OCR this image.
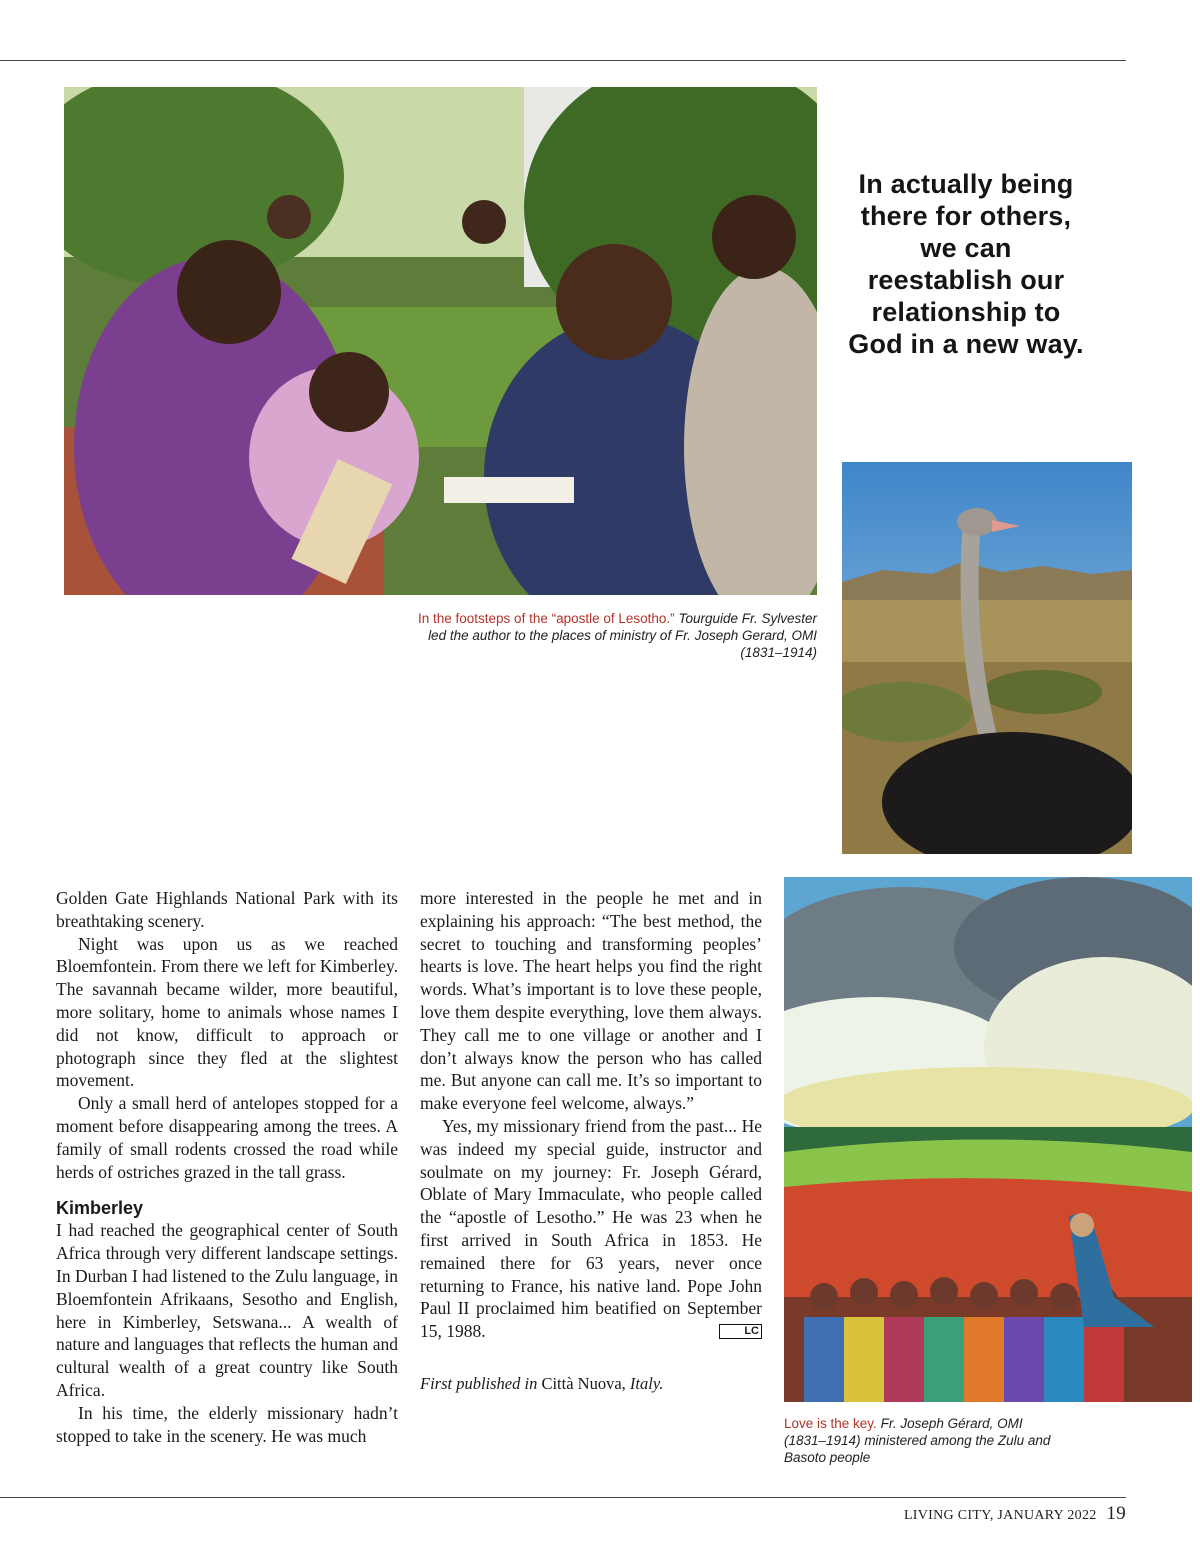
In the footsteps of the “apostle of Lesotho.” Tourguide Fr. Sylvester led the author to the places of ministry of Fr. Joseph Gerard, OMI (1831–1914)
In actually being there for others, we can reestablish our relationship to God in a new way.
Love is the key. Fr. Joseph Gérard, OMI (1831–1914) ministered among the Zulu and Basoto people

Golden Gate Highlands National Park with its breathtaking scenery.

Night was upon us as we reached Bloemfontein. From there we left for Kimberley. The savannah became wilder, more beautiful, more solitary, home to animals whose names I did not know, difficult to approach or photograph since they fled at the slightest movement.

Only a small herd of antelopes stopped for a moment before disappearing among the trees. A family of small rodents crossed the road while herds of ostriches grazed in the tall grass.

Kimberley

I had reached the geographical center of South Africa through very different landscape settings. In Durban I had listened to the Zulu language, in Bloemfontein Afrikaans, Sesotho and English, here in Kimberley, Setswana... A wealth of nature and languages that reflects the human and cultural wealth of a great country like South Africa.

In his time, the elderly missionary hadn’t stopped to take in the scenery. He was much

more interested in the people he met and in explaining his approach: “The best method, the secret to touching and transforming peoples’ hearts is love. The heart helps you find the right words. What’s important is to love these people, love them despite everything, love them always. They call me to one village or another and I don’t always know the person who has called me. But anyone can call me. It’s so important to make everyone feel welcome, always.”

Yes, my missionary friend from the past... He was indeed my special guide, instructor and soulmate on my journey: Fr. Joseph Gérard, Oblate of Mary Immaculate, who people called the “apostle of Lesotho.” He was 23 when he first arrived in South Africa in 1853. He remained there for 63 years, never once returning to France, his native land. Pope John Paul II proclaimed him beatified on September 15, 1988.	LC

First published in Città Nuova, Italy.
LIVING CITY, JANUARY 2022 19
